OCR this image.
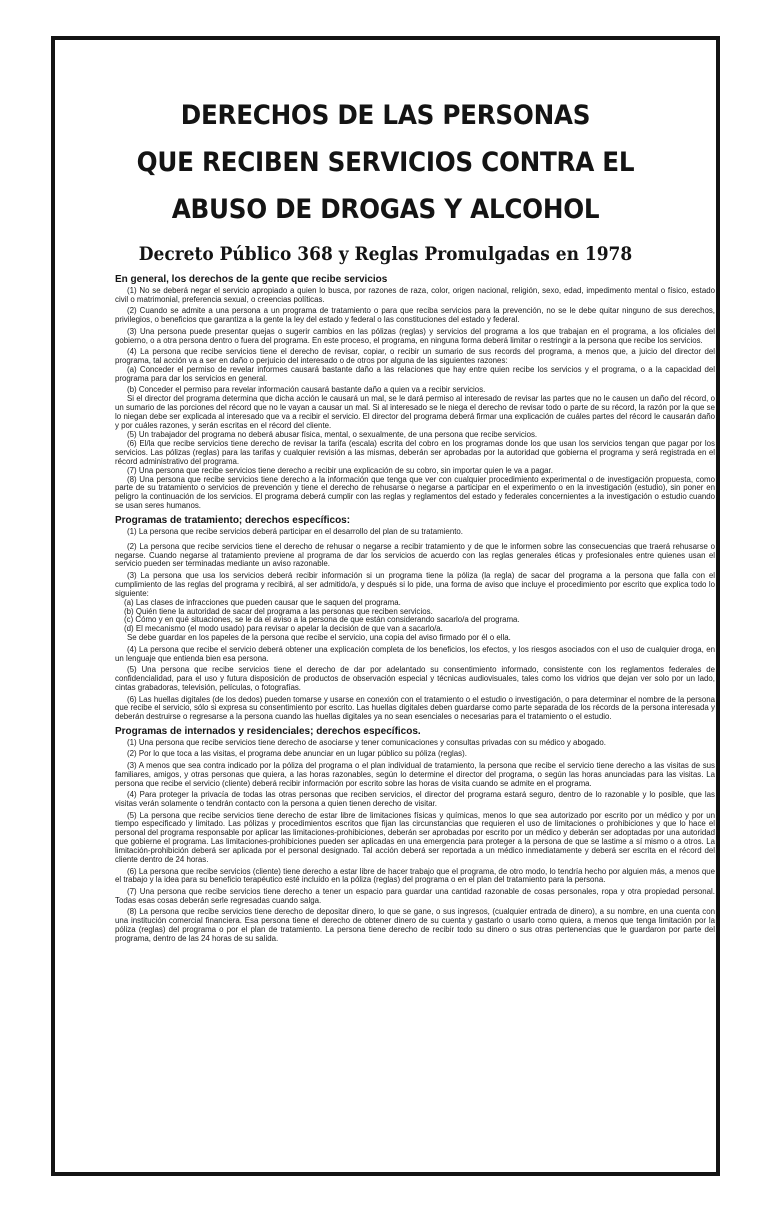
DERECHOS DE LAS PERSONAS
QUE RECIBEN SERVICIOS CONTRA EL
ABUSO DE DROGAS Y ALCOHOL
Decreto Público 368 y Reglas Promulgadas en 1978
En general, los derechos de la gente que recibe servicios

(1) No se deberá negar el servicio apropiado a quien lo busca, por razones de raza, color, origen nacional, religión, sexo, edad, impedimento mental o físico, estado civil o matrimonial, preferencia sexual, o creencias políticas.

(2) Cuando se admite a una persona a un programa de tratamiento o para que reciba servicios para la prevención, no se le debe quitar ninguno de sus derechos, privilegios, o beneficios que garantiza a la gente la ley del estado y federal o las constituciones del estado y federal.

(3) Una persona puede presentar quejas o sugerir cambios en las pólizas (reglas) y servicios del programa a los que trabajan en el programa, a los oficiales del gobierno, o a otra persona dentro o fuera del programa. En este proceso, el programa, en ninguna forma deberá limitar o restringir a la persona que recibe los servicios.

(4) La persona que recibe servicios tiene el derecho de revisar, copiar, o recibir un sumario de sus records del programa, a menos que, a juicio del director del programa, tal acción va a ser en daño o perjuicio del interesado o de otros por alguna de las siguientes razones:

(a) Conceder el permiso de revelar informes causará bastante daño a las relaciones que hay entre quien recibe los servicios y el programa, o a la capacidad del programa para dar los servicios en general.

(b) Conceder el permiso para revelar información causará bastante daño a quien va a recibir servicios.

Si el director del programa determina que dicha acción le causará un mal, se le dará permiso al interesado de revisar las partes que no le causen un daño del récord, o un sumario de las porciones del récord que no le vayan a causar un mal. Si al interesado se le niega el derecho de revisar todo o parte de su récord, la razón por la que se lo niegan debe ser explicada al interesado que va a recibir el servicio. El director del programa deberá firmar una explicación de cuáles partes del récord le causarán daño y por cuáles razones, y serán escritas en el récord del cliente.

(5) Un trabajador del programa no deberá abusar física, mental, o sexualmente, de una persona que recibe servicios.

(6) El/la que recibe servicios tiene derecho de revisar la tarifa (escala) escrita del cobro en los programas donde los que usan los servicios tengan que pagar por los servicios. Las pólizas (reglas) para las tarifas y cualquier revisión a las mismas, deberán ser aprobadas por la autoridad que gobierna el programa y será registrada en el récord administrativo del programa.

(7) Una persona que recibe servicios tiene derecho a recibir una explicación de su cobro, sin importar quien le va a pagar.

(8) Una persona que recibe servicios tiene derecho a la información que tenga que ver con cualquier procedimiento experimental o de investigación propuesta, como parte de su tratamiento o servicios de prevención y tiene el derecho de rehusarse o negarse a participar en el experimento o en la investigación (estudio), sin poner en peligro la continuación de los servicios. El programa deberá cumplir con las reglas y reglamentos del estado y federales concernientes a la investigación o estudio cuando se usan seres humanos.

Programas de tratamiento; derechos específicos:

(1) La persona que recibe servicios deberá participar en el desarrollo del plan de su tratamiento.

(2) La persona que recibe servicios tiene el derecho de rehusar o negarse a recibir tratamiento y de que le informen sobre las consecuencias que traerá rehusarse o negarse. Cuando negarse al tratamiento previene al programa de dar los servicios de acuerdo con las reglas generales éticas y profesionales entre quienes usan el servicio pueden ser terminadas mediante un aviso razonable.

(3) La persona que usa los servicios deberá recibir información si un programa tiene la póliza (la regla) de sacar del programa a la persona que falla con el cumplimiento de las reglas del programa y recibirá, al ser admitido/a, y después si lo pide, una forma de aviso que incluye el procedimiento por escrito que explica todo lo siguiente:

(a) Las clases de infracciones que pueden causar que le saquen del programa.

(b) Quién tiene la autoridad de sacar del programa a las personas que reciben servicios.

(c) Cómo y en qué situaciones, se le da el aviso a la persona de que están considerando sacarlo/a del programa.

(d) El mecanismo (el modo usado) para revisar o apelar la decisión de que van a sacarlo/a.

Se debe guardar en los papeles de la persona que recibe el servicio, una copia del aviso firmado por él o ella.

(4) La persona que recibe el servicio deberá obtener una explicación completa de los beneficios, los efectos, y los riesgos asociados con el uso de cualquier droga, en un lenguaje que entienda bien esa persona.

(5) Una persona que recibe servicios tiene el derecho de dar por adelantado su consentimiento informado, consistente con los reglamentos federales de confidencialidad, para el uso y futura disposición de productos de observación especial y técnicas audiovisuales, tales como los vidrios que dejan ver solo por un lado, cintas grabadoras, televisión, películas, o fotografías.

(6) Las huellas digitales (de los dedos) pueden tomarse y usarse en conexión con el tratamiento o el estudio o investigación, o para determinar el nombre de la persona que recibe el servicio, sólo si expresa su consentimiento por escrito. Las huellas digitales deben guardarse como parte separada de los récords de la persona interesada y deberán destruirse o regresarse a la persona cuando las huellas digitales ya no sean esenciales o necesarias para el tratamiento o el estudio.

Programas de internados y residenciales; derechos específicos.

(1) Una persona que recibe servicios tiene derecho de asociarse y tener comunicaciones y consultas privadas con su médico y abogado.

(2) Por lo que toca a las visitas, el programa debe anunciar en un lugar público su póliza (reglas).

(3) A menos que sea contra indicado por la póliza del programa o el plan individual de tratamiento, la persona que recibe el servicio tiene derecho a las visitas de sus familiares, amigos, y otras personas que quiera, a las horas razonables, según lo determine el director del programa, o según las horas anunciadas para las visitas. La persona que recibe el servicio (cliente) deberá recibir información por escrito sobre las horas de visita cuando se admite en el programa.

(4) Para proteger la privacía de todas las otras personas que reciben servicios, el director del programa estará seguro, dentro de lo razonable y lo posible, que las visitas verán solamente o tendrán contacto con la persona a quien tienen derecho de visitar.

(5) La persona que recibe servicios tiene derecho de estar libre de limitaciones físicas y químicas, menos lo que sea autorizado por escrito por un médico y por un tiempo especificado y limitado. Las pólizas y procedimientos escritos que fijan las circunstancias que requieren el uso de limitaciones o prohibiciones y que lo hace el personal del programa responsable por aplicar las limitaciones-prohibiciones, deberán ser aprobadas por escrito por un médico y deberán ser adoptadas por una autoridad que gobierne el programa. Las limitaciones-prohibiciones pueden ser aplicadas en una emergencia para proteger a la persona de que se lastime a sí mismo o a otros. La limitación-prohibición deberá ser aplicada por el personal designado. Tal acción deberá ser reportada a un médico inmediatamente y deberá ser escrita en el récord del cliente dentro de 24 horas.

(6) La persona que recibe servicios (cliente) tiene derecho a estar libre de hacer trabajo que el programa, de otro modo, lo tendría hecho por alguien más, a menos que el trabajo y la idea para su beneficio terapéutico esté incluído en la póliza (reglas) del programa o en el plan del tratamiento para la persona.

(7) Una persona que recibe servicios tiene derecho a tener un espacio para guardar una cantidad razonable de cosas personales, ropa y otra propiedad personal. Todas esas cosas deberán serle regresadas cuando salga.

(8) La persona que recibe servicios tiene derecho de depositar dinero, lo que se gane, o sus ingresos, (cualquier entrada de dinero), a su nombre, en una cuenta con una institución comercial financiera. Esa persona tiene el derecho de obtener dinero de su cuenta y gastarlo o usarlo como quiera, a menos que tenga limitación por la póliza (reglas) del programa o por el plan de tratamiento. La persona tiene derecho de recibir todo su dinero o sus otras pertenencias que le guardaron por parte del programa, dentro de las 24 horas de su salida.
